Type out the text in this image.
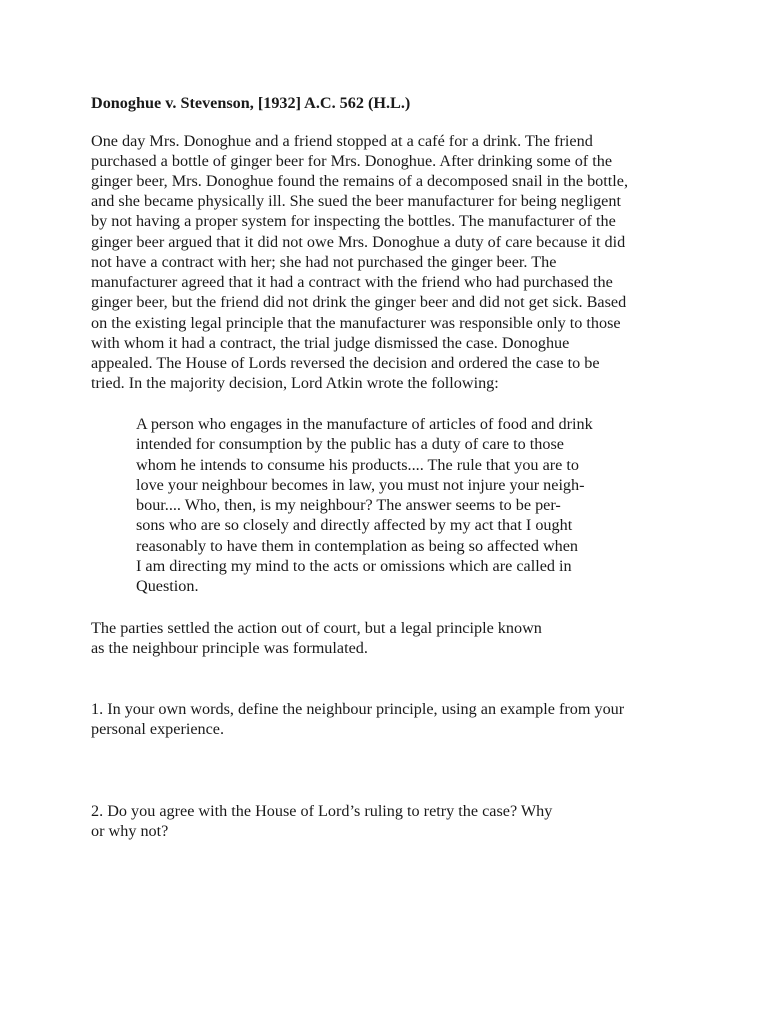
Donoghue v. Stevenson, [1932] A.C. 562 (H.L.)
One day Mrs. Donoghue and a friend stopped at a café for a drink. The friend
purchased a bottle of ginger beer for Mrs. Donoghue. After drinking some of the
ginger beer, Mrs. Donoghue found the remains of a decomposed snail in the bottle,
and she became physically ill. She sued the beer manufacturer for being negligent
by not having a proper system for inspecting the bottles. The manufacturer of the
ginger beer argued that it did not owe Mrs. Donoghue a duty of care because it did
not have a contract with her; she had not purchased the ginger beer. The
manufacturer agreed that it had a contract with the friend who had purchased the
ginger beer, but the friend did not drink the ginger beer and did not get sick. Based
on the existing legal principle that the manufacturer was responsible only to those
with whom it had a contract, the trial judge dismissed the case. Donoghue
appealed. The House of Lords reversed the decision and ordered the case to be
tried. In the majority decision, Lord Atkin wrote the following:
A person who engages in the manufacture of articles of food and drink
intended for consumption by the public has a duty of care to those
whom he intends to consume his products.... The rule that you are to
love your neighbour becomes in law, you must not injure your neigh-
bour.... Who, then, is my neighbour? The answer seems to be per-
sons who are so closely and directly affected by my act that I ought
reasonably to have them in contemplation as being so affected when
I am directing my mind to the acts or omissions which are called in
Question.
The parties settled the action out of court, but a legal principle known
as the neighbour principle was formulated.
1. In your own words, define the neighbour principle, using an example from your
personal experience.
2. Do you agree with the House of Lord’s ruling to retry the case? Why
or why not?
